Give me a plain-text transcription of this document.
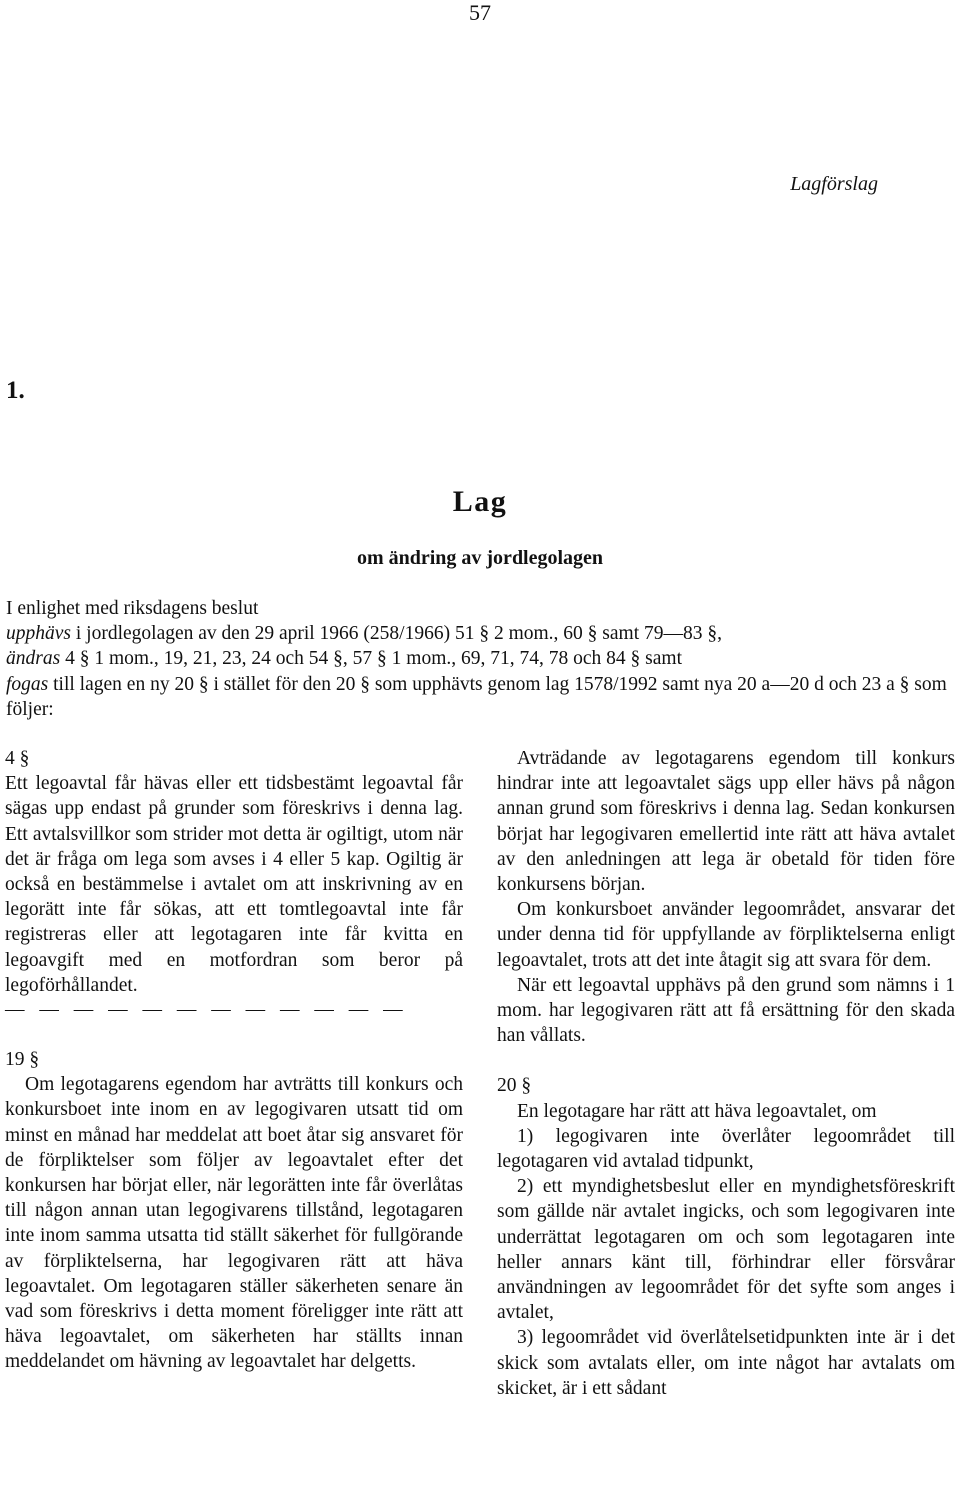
57
Lagförslag
1.
Lag
om ändring av jordlegolagen

I enlighet med riksdagens beslut

upphävs i jordlegolagen av den 29 april 1966 (258/1966) 51 § 2 mom., 60 § samt 79—83 §,

ändras 4 § 1 mom., 19, 21, 23, 24 och 54 §, 57 § 1 mom., 69, 71, 74, 78 och 84 § samt

fogas till lagen en ny 20 § i stället för den 20 § som upphävts genom lag 1578/1992 samt nya 20 a—20 d och 23 a § som följer:

4 §

Ett legoavtal får hävas eller ett tidsbestämt legoavtal får sägas upp endast på grunder som föreskrivs i denna lag. Ett avtalsvillkor som strider mot detta är ogiltigt, utom när det är fråga om lega som avses i 4 eller 5 kap. Ogiltig är också en bestämmelse i avtalet om att inskrivning av en legorätt inte får sökas, att ett tomtlegoavtal inte får registreras eller att legotagaren inte får kvitta en legoavgift med en motfordran som beror på legoförhållandet.

— — — — — — — — — — — —

19 §

Om legotagarens egendom har avträtts till konkurs och konkursboet inte inom en av legogivaren utsatt tid om minst en månad har meddelat att boet åtar sig ansvaret för de förpliktelser som följer av legoavtalet efter det konkursen har börjat eller, när legorätten inte får överlåtas till någon annan utan legogivarens tillstånd, legotagaren inte inom samma utsatta tid ställt säkerhet för fullgörande av förpliktelserna, har legogivaren rätt att häva legoavtalet. Om legotagaren ställer säkerheten senare än vad som föreskrivs i detta moment föreligger inte rätt att häva legoavtalet, om säkerheten har ställts innan meddelandet om hävning av legoavtalet har delgetts.

Avträdande av legotagarens egendom till konkurs hindrar inte att legoavtalet sägs upp eller hävs på någon annan grund som föreskrivs i denna lag. Sedan konkursen börjat har legogivaren emellertid inte rätt att häva avtalet av den anledningen att lega är obetald för tiden före konkursens början.

Om konkursboet använder legoområdet, ansvarar det under denna tid för uppfyllande av förpliktelserna enligt legoavtalet, trots att det inte åtagit sig att svara för dem.

När ett legoavtal upphävs på den grund som nämns i 1 mom. har legogivaren rätt att få ersättning för den skada han vållats.

20 §

En legotagare har rätt att häva legoavtalet, om

1) legogivaren inte överlåter legoområdet till legotagaren vid avtalad tidpunkt,

2) ett myndighetsbeslut eller en myndighetsföreskrift som gällde när avtalet ingicks, och som legogivaren inte underrättat legotagaren om och som legotagaren inte heller annars känt till, förhindrar eller försvårar användningen av legoområdet för det syfte som anges i avtalet,

3) legoområdet vid överlåtelsetidpunkten inte är i det skick som avtalats eller, om inte något har avtalats om skicket, är i ett sådant
